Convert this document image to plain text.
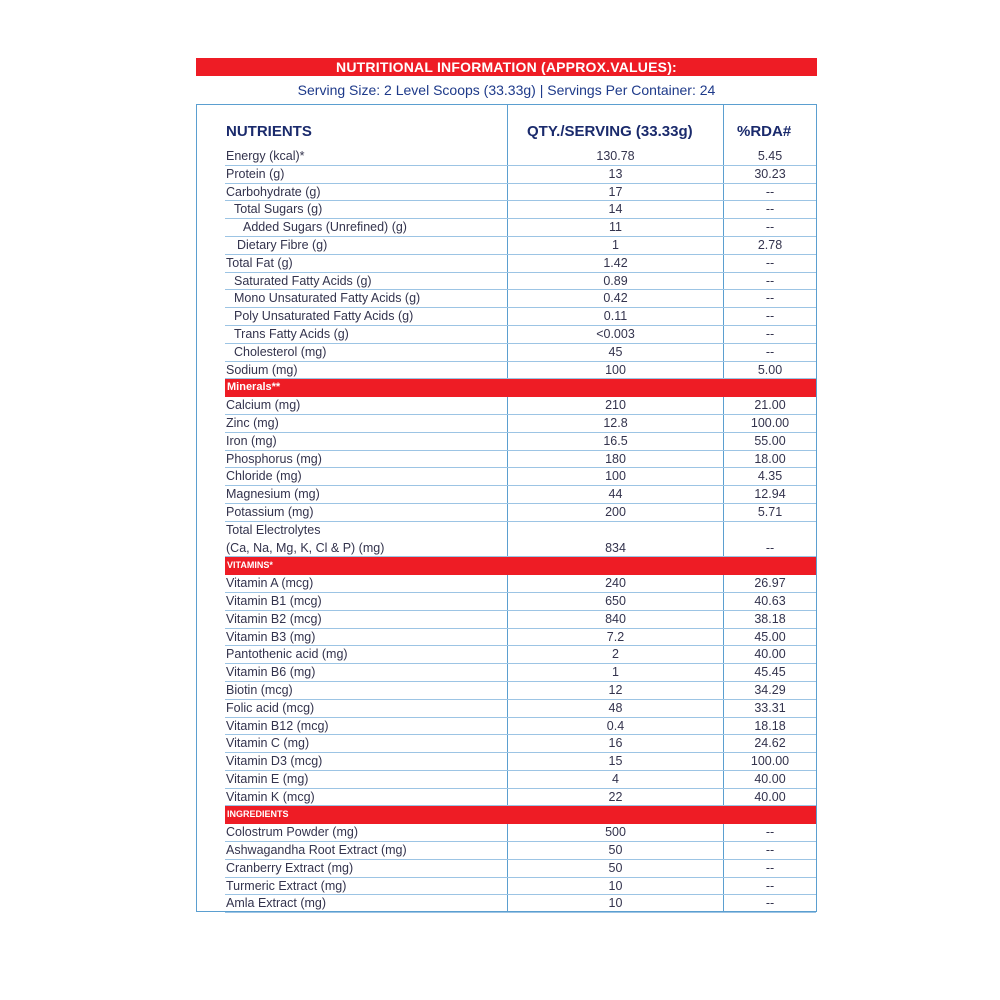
NUTRITIONAL INFORMATION (APPROX.VALUES):
Serving Size: 2 Level Scoops (33.33g) | Servings Per Container: 24
NUTRIENTS	QTY./SERVING (33.33g)	%RDA#
Energy (kcal)*	130.78	5.45
Protein (g)	13	30.23
Carbohydrate (g)	17	--
Total Sugars (g)	14	--
Added Sugars (Unrefined) (g)	11	--
Dietary Fibre (g)	1	2.78
Total Fat (g)	1.42	--
Saturated Fatty Acids (g)	0.89	--
Mono Unsaturated Fatty Acids (g)	0.42	--
Poly Unsaturated Fatty Acids (g)	0.11	--
Trans Fatty Acids (g)	<0.003	--
Cholesterol (mg)	45	--
Sodium (mg)	100	5.00
Minerals**
Calcium (mg)	210	21.00
Zinc (mg)	12.8	100.00
Iron (mg)	16.5	55.00
Phosphorus (mg)	180	18.00
Chloride (mg)	100	4.35
Magnesium (mg)	44	12.94
Potassium (mg)	200	5.71
Total Electrolytes
(Ca, Na, Mg, K, Cl & P) (mg)	834	--
VITAMINS*
Vitamin A (mcg)	240	26.97
Vitamin B1 (mcg)	650	40.63
Vitamin B2 (mcg)	840	38.18
Vitamin B3 (mg)	7.2	45.00
Pantothenic acid (mg)	2	40.00
Vitamin B6 (mg)	1	45.45
Biotin (mcg)	12	34.29
Folic acid (mcg)	48	33.31
Vitamin B12 (mcg)	0.4	18.18
Vitamin C (mg)	16	24.62
Vitamin D3 (mcg)	15	100.00
Vitamin E (mg)	4	40.00
Vitamin K (mcg)	22	40.00
INGREDIENTS
Colostrum Powder (mg)	500	--
Ashwagandha Root Extract (mg)	50	--
Cranberry Extract (mg)	50	--
Turmeric Extract (mg)	10	--
Amla Extract (mg)	10	--
